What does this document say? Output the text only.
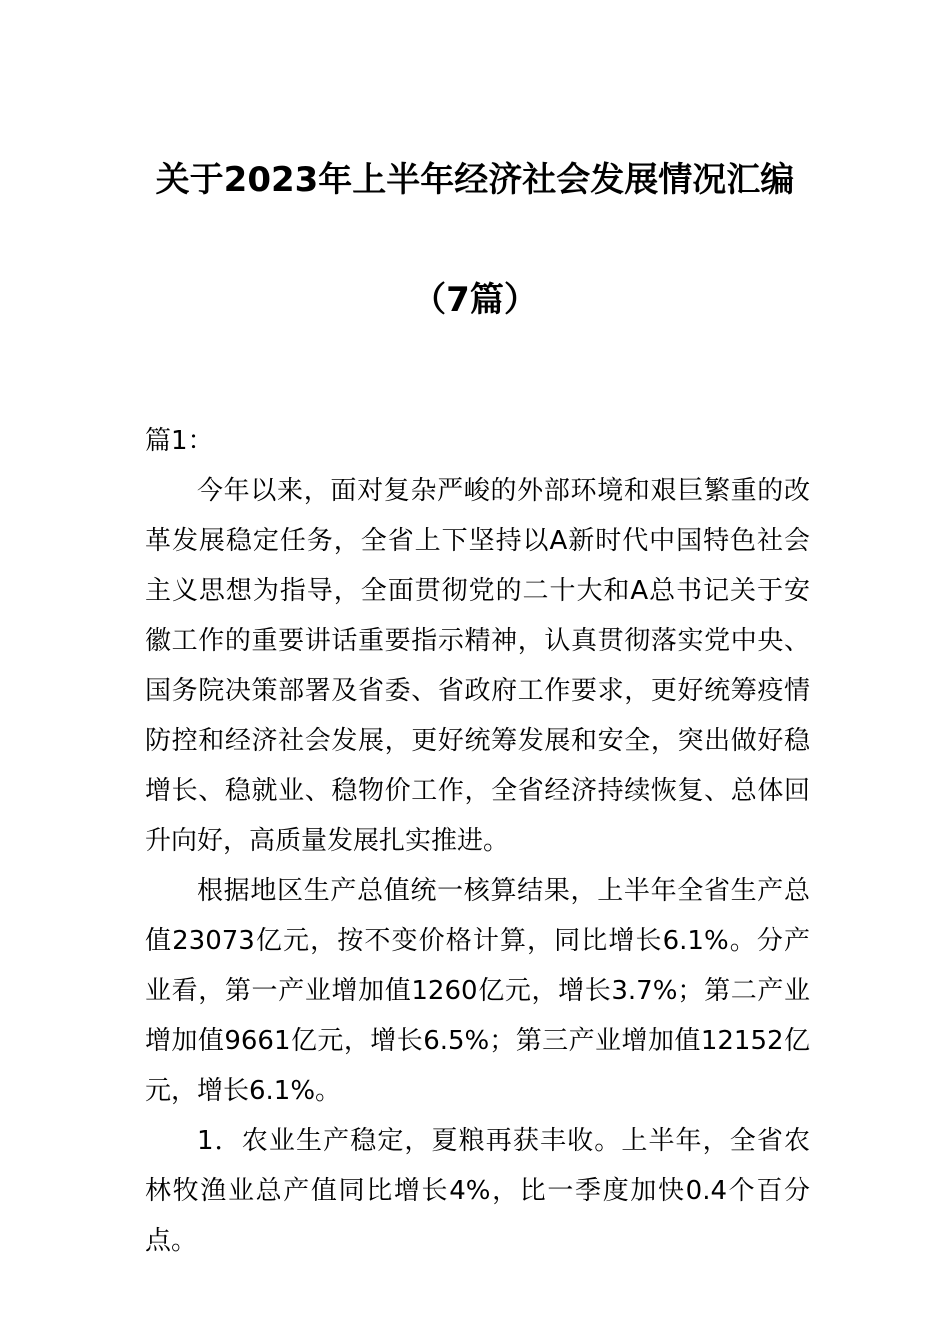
关于2023年上半年经济社会发展情况汇编
（7篇）
篇1：

今年以来，面对复杂严峻的外部环境和艰巨繁重的改革发展稳定任务，全省上下坚持以A新时代中国特色社会主义思想为指导，全面贯彻党的二十大和A总书记关于安徽工作的重要讲话重要指示精神，认真贯彻落实党中央、国务院决策部署及省委、省政府工作要求，更好统筹疫情防控和经济社会发展，更好统筹发展和安全，突出做好稳增长、稳就业、稳物价工作，全省经济持续恢复、总体回升向好，高质量发展扎实推进。

根据地区生产总值统一核算结果，上半年全省生产总值23073亿元，按不变价格计算，同比增长6.1%。分产业看，第一产业增加值1260亿元，增长3.7%；第二产业增加值9661亿元，增长6.5%；第三产业增加值12152亿元，增长6.1%。

1．农业生产稳定，夏粮再获丰收。上半年，全省农林牧渔业总产值同比增长4%，比一季度加快0.4个百分点。
